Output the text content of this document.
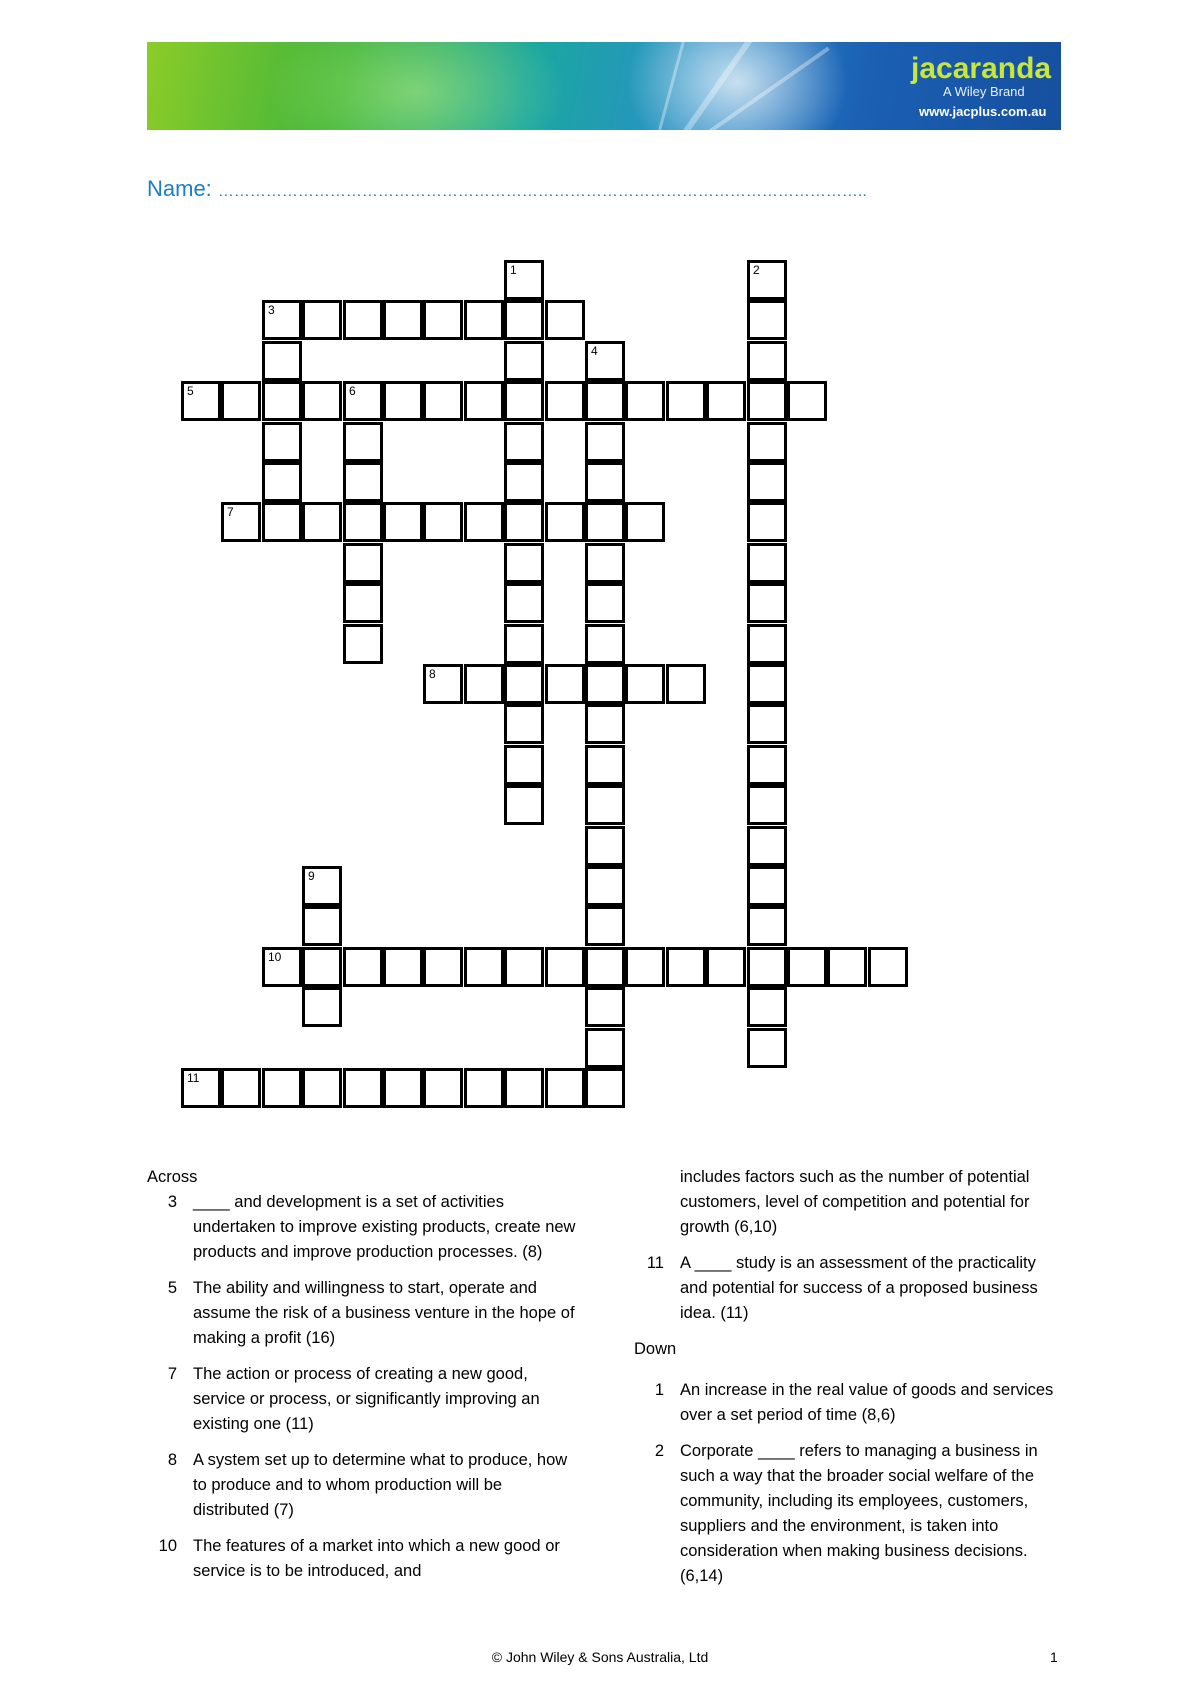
jacaranda
A Wiley Brand
www.jacplus.com.au
Name: …………………………………………………………………………………………………………..
1	2
3
4
5	6
7
8
9
10
11
Across
3 ____ and development is a set of activities undertaken to improve existing products, create new products and improve production processes. (8)
5 The ability and willingness to start, operate and assume the risk of a business venture in the hope of making a profit (16)
7 The action or process of creating a new good, service or process, or significantly improving an existing one (11)
8 A system set up to determine what to produce, how to produce and to whom production will be distributed (7)
10 The features of a market into which a new good or service is to be introduced, and
includes factors such as the number of potential customers, level of competition and potential for growth (6,10)
11 A ____ study is an assessment of the practicality and potential for success of a proposed business idea. (11)
Down
1 An increase in the real value of goods and services over a set period of time (8,6)
2 Corporate ____ refers to managing a business in such a way that the broader social welfare of the community, including its employees, customers, suppliers and the environment, is taken into consideration when making business decisions. (6,14)
© John Wiley & Sons Australia, Ltd	1
